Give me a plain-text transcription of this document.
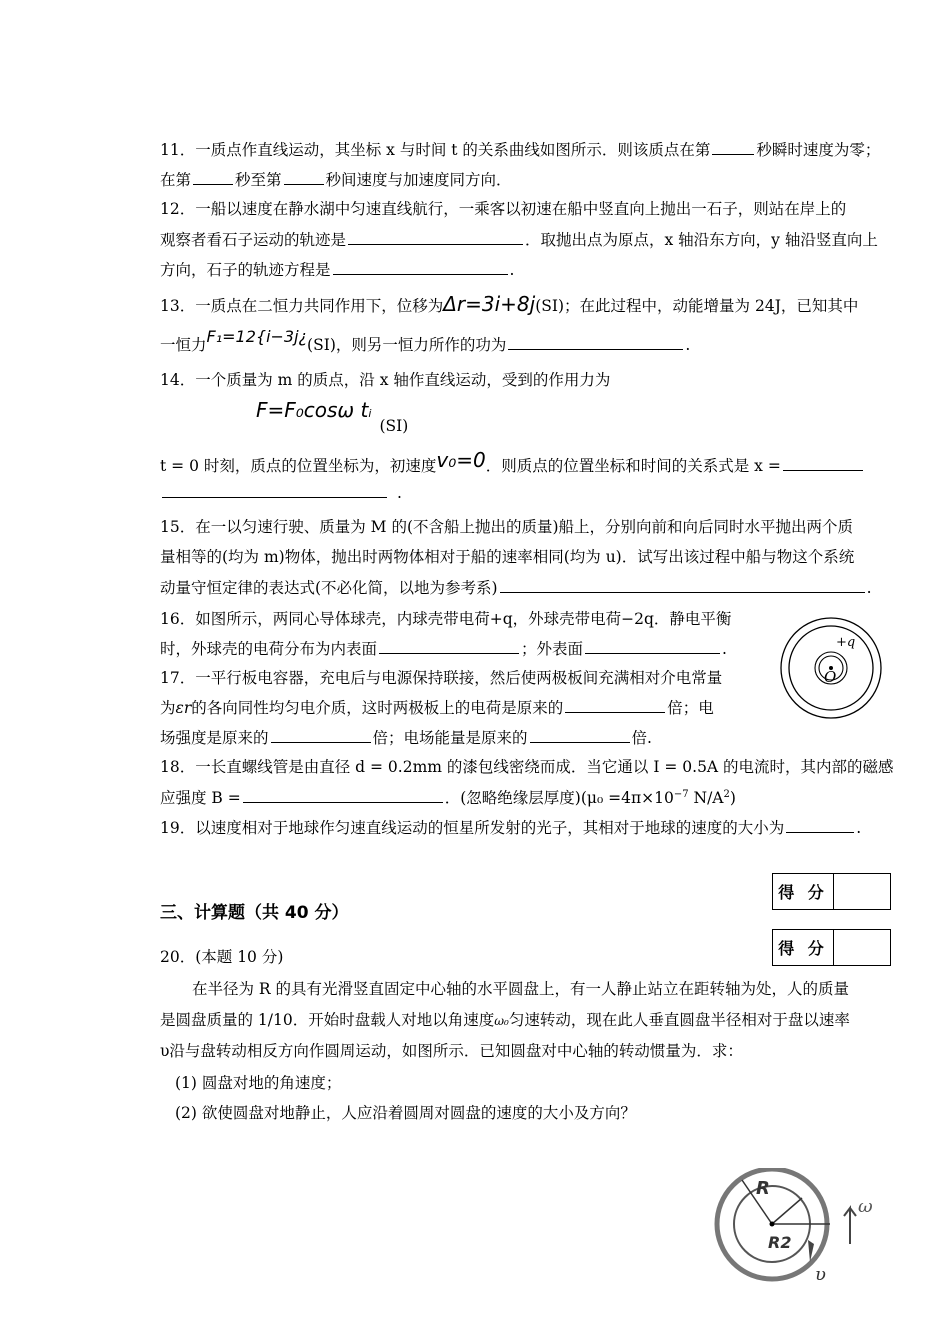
11．一质点作直线运动，其坐标 x 与时间 t 的关系曲线如图所示．则该质点在第	秒瞬时速度为零；
在第	秒至第	秒间速度与加速度同方向．
12．一船以速度在静水湖中匀速直线航行，一乘客以初速在船中竖直向上抛出一石子，则站在岸上的
观察者看石子运动的轨迹是	．取抛出点为原点，x 轴沿东方向，y 轴沿竖直向上
方向，石子的轨迹方程是	.
13．一质点在二恒力共同作用下，位移为Δr=3i+8j(SI)；在此过程中，动能增量为 24J，已知其中
一恒力F₁=12{i−3j¿(SI)，则另一恒力所作的功为	.
14．一个质量为 m 的质点，沿 x 轴作直线运动，受到的作用力为
F=F₀cosω ti(SI)
t = 0 时刻，质点的位置坐标为，初速度v₀=0．则质点的位置坐标和时间的关系式是 x =
.
15．在一以匀速行驶、质量为 M 的(不含船上抛出的质量)船上，分别向前和向后同时水平抛出两个质
量相等的(均为 m)物体，抛出时两物体相对于船的速率相同(均为 u)．试写出该过程中船与物这个系统
动量守恒定律的表达式(不必化简，以地为参考系)	.
16．如图所示，两同心导体球壳，内球壳带电荷+q，外球壳带电荷−2q．静电平衡
时，外球壳的电荷分布为内表面	；外表面	.
17．一平行板电容器，充电后与电源保持联接，然后使两极板间充满相对介电常量
为εr的各向同性均匀电介质，这时两极板上的电荷是原来的	倍；电
场强度是原来的	倍；电场能量是原来的	倍.
18．一长直螺线管是由直径 d = 0.2mm 的漆包线密绕而成．当它通以 I = 0.5A 的电流时，其内部的磁感
应强度 B =	．(忽略绝缘层厚度)($\mu_0 =4\pi\times 10^{-7}$ $N/A^2$)
19．以速度相对于地球作匀速直线运动的恒星所发射的光子，其相对于地球的速度的大小为	.
得 分
三、计算题（共 40 分）
得 分
20．(本题 10 分)
在半径为 R 的具有光滑竖直固定中心轴的水平圆盘上，有一人静止站立在距转轴为处，人的质量
是圆盘质量的 1/10．开始时盘载人对地以角速度ω₀匀速转动，现在此人垂直圆盘半径相对于盘以速率
υ沿与盘转动相反方向作圆周运动，如图所示．已知圆盘对中心轴的转动惯量为．求：
(1) 圆盘对地的角速度；
(2) 欲使圆盘对地静止，人应沿着圆周对圆盘的速度的大小及方向？
+q
O
R
R2
υ
ω
